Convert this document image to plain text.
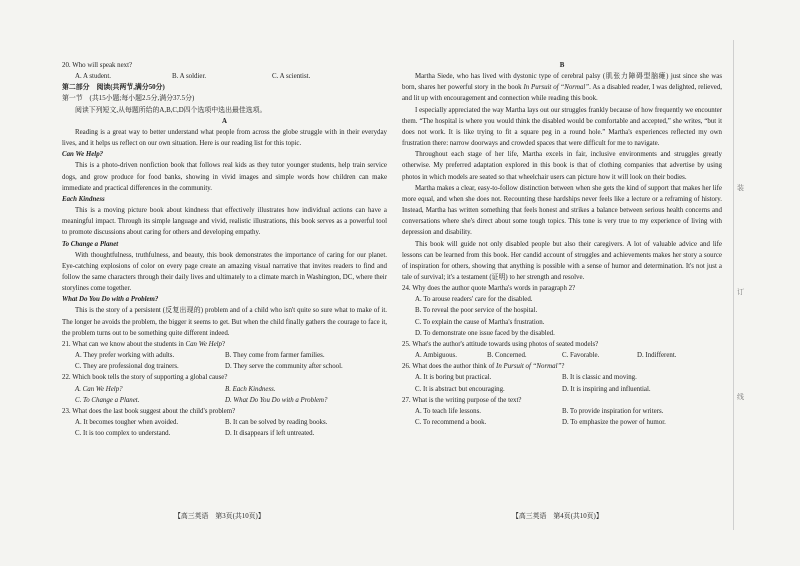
装
订
线

20. Who will speak next?

A. A student.	B. A soldier.	C. A scientist.

第二部分　阅读(共两节,满分50分)

第一节　(共15小题;每小题2.5分,满分37.5分)

阅读下列短文,从每题所给的A,B,C,D四个选项中选出最佳选项。

A

Reading is a great way to better understand what people from across the globe struggle with in their everyday lives, and it helps us reflect on our own situation. Here is our reading list for this topic.

Can We Help?

This is a photo-driven nonfiction book that follows real kids as they tutor younger students, help train service dogs, and grow produce for food banks, showing in vivid images and simple words how children can make immediate and practical differences in the community.

Each Kindness

This is a moving picture book about kindness that effectively illustrates how individual actions can have a meaningful impact. Through its simple language and vivid, realistic illustrations, this book serves as a powerful tool to promote discussions about caring for others and developing empathy.

To Change a Planet

With thoughtfulness, truthfulness, and beauty, this book demonstrates the importance of caring for our planet. Eye-catching explosions of color on every page create an amazing visual narrative that invites readers to find and follow the same characters through their daily lives and ultimately to a climate march in Washington, DC, where their storylines come together.

What Do You Do with a Problem?

This is the story of a persistent (反复出现的) problem and of a child who isn't quite so sure what to make of it. The longer he avoids the problem, the bigger it seems to get. But when the child finally gathers the courage to face it, the problem turns out to be something quite different indeed.

21. What can we know about the students in Can We Help?

A. They prefer working with adults.	B. They come from farmer families.
C. They are professional dog trainers.	D. They serve the community after school.

22. Which book tells the story of supporting a global cause?

A. Can We Help?	B. Each Kindness.
C. To Change a Planet.	D. What Do You Do with a Problem?

23. What does the last book suggest about the child's problem?

A. It becomes tougher when avoided.	B. It can be solved by reading books.
C. It is too complex to understand.	D. It disappears if left untreated.
【高三英语　第3页(共10页)】

B

Martha Siede, who has lived with dystonic type of cerebral palsy (肌张力障碍型脑瘫) just since she was born, shares her powerful story in the book In Pursuit of “Normal”. As a disabled reader, I was delighted, relieved, and lit up with encouragement and connection while reading this book.

I especially appreciated the way Martha lays out our struggles frankly because of how frequently we encounter them. “The hospital is where you would think the disabled would be comfortable and accepted,” she writes, “but it does not work. It is like trying to fit a square peg in a round hole.” Martha's experiences reflected my own frustration there: narrow doorways and crowded spaces that were difficult for me to navigate.

Throughout each stage of her life, Martha excels in fair, inclusive environments and struggles greatly otherwise. My preferred adaptation explored in this book is that of clothing companies that advertise by using photos in which models are seated so that wheelchair users can picture how it will look on their bodies.

Martha makes a clear, easy-to-follow distinction between when she gets the kind of support that makes her life more equal, and when she does not. Recounting these hardships never feels like a lecture or a reframing of history. Instead, Martha has written something that feels honest and strikes a balance between serious health concerns and conversations where she's direct about some tough topics. This tone is very true to my experience of living with depression and disability.

This book will guide not only disabled people but also their caregivers. A lot of valuable advice and life lessons can be learned from this book. Her candid account of struggles and achievements makes her story a source of inspiration for others, showing that anything is possible with a sense of humor and determination. It's not just a tale of survival; it's a testament (证明) to her strength and resolve.

24. Why does the author quote Martha's words in paragraph 2?

A. To arouse readers' care for the disabled.

B. To reveal the poor service of the hospital.

C. To explain the cause of Martha's frustration.

D. To demonstrate one issue faced by the disabled.

25. What's the author's attitude towards using photos of seated models?

A. Ambiguous.	B. Concerned.	C. Favorable.	D. Indifferent.

26. What does the author think of In Pursuit of “Normal”?

A. It is boring but practical.	B. It is classic and moving.
C. It is abstract but encouraging.	D. It is inspiring and influential.

27. What is the writing purpose of the text?

A. To teach life lessons.	B. To provide inspiration for writers.
C. To recommend a book.	D. To emphasize the power of humor.
【高三英语　第4页(共10页)】
